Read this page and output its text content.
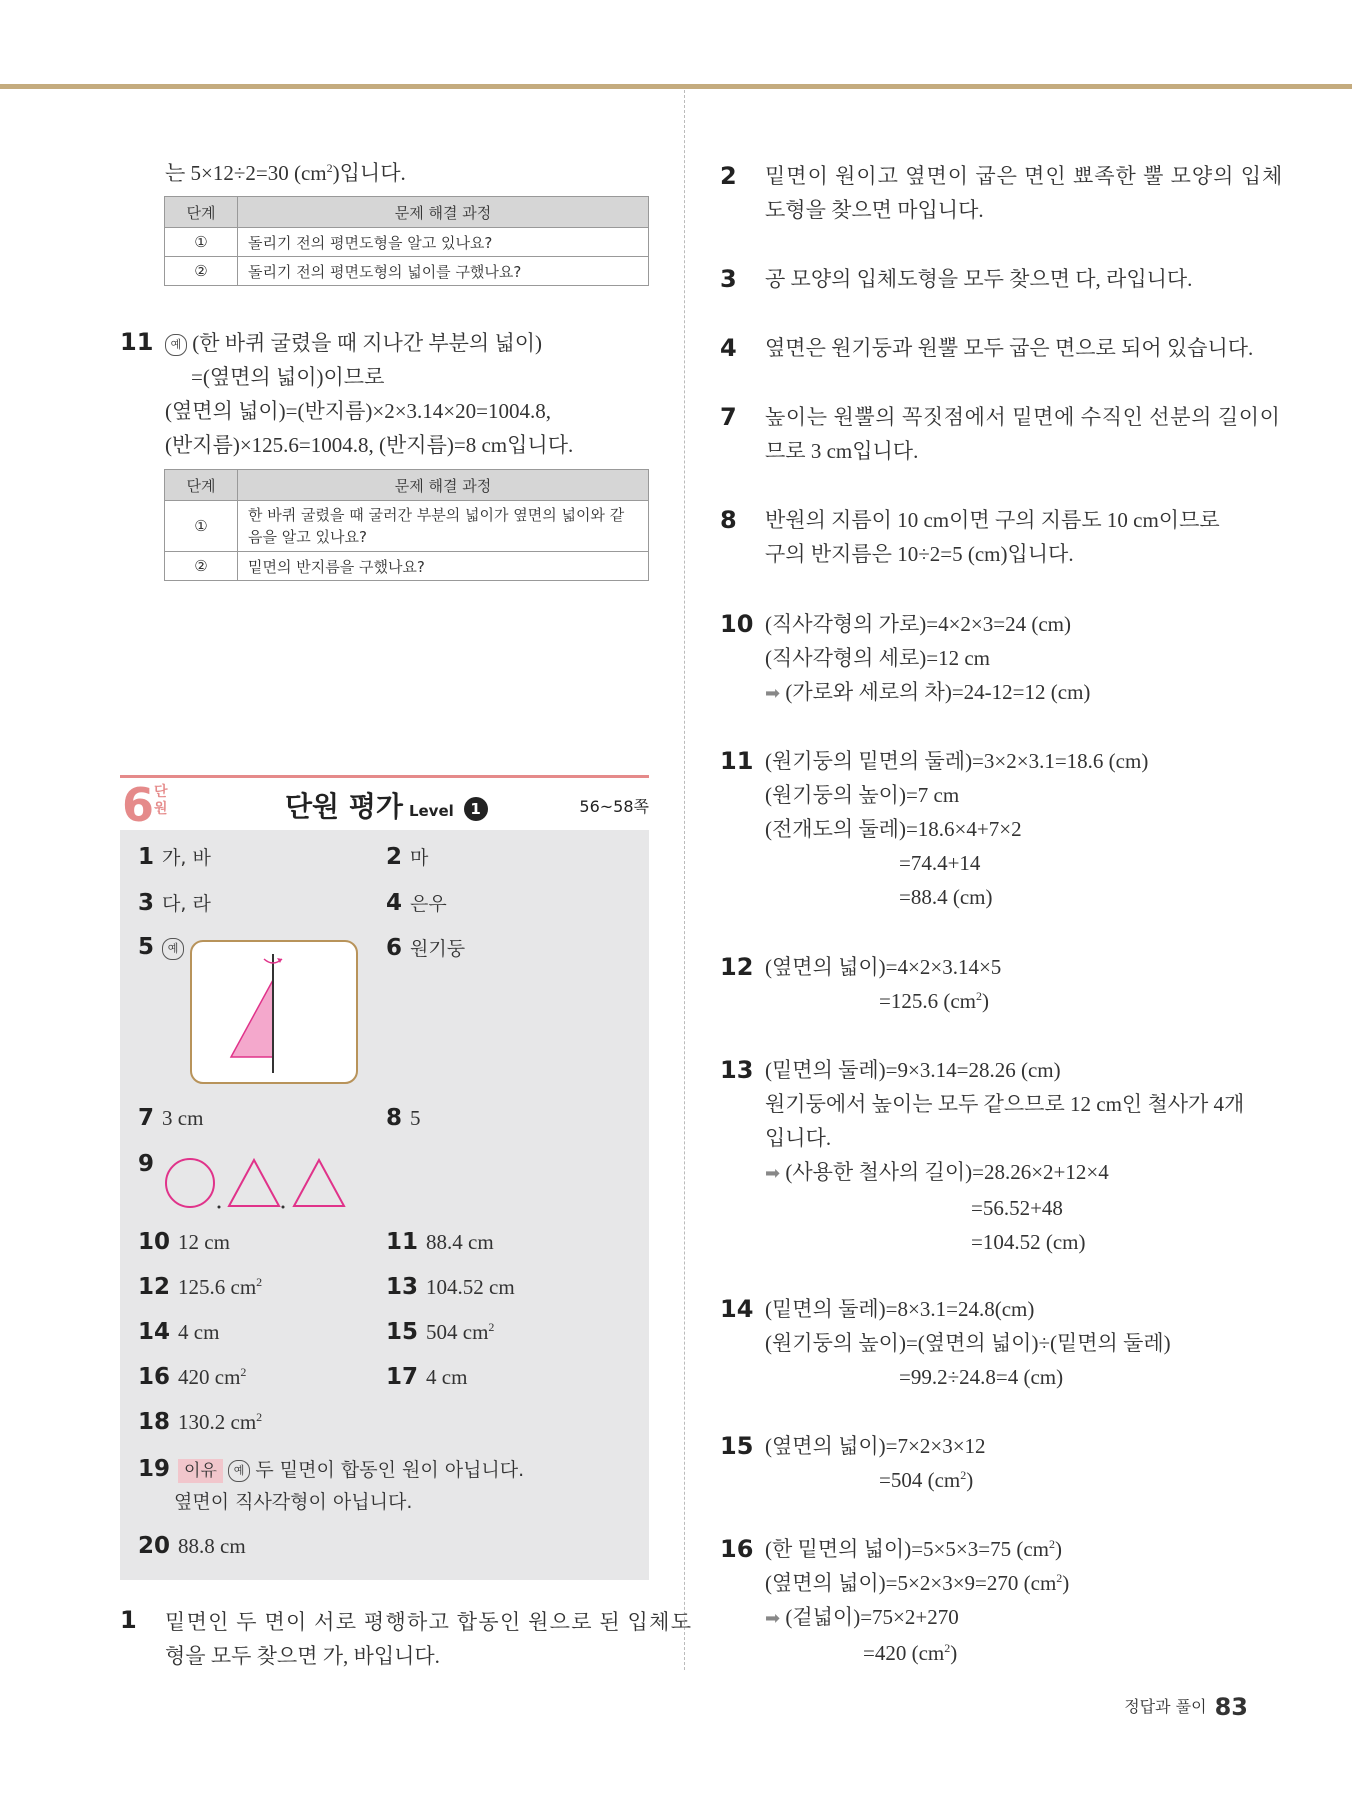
는 5×12÷2=30 $(cm^2)$입니다.
단계	문제 해결 과정
①	돌리기 전의 평면도형을 알고 있나요?
②	돌리기 전의 평면도형의 넓이를 구했나요?
11	예 (한 바퀴 굴렸을 때 지나간 부분의 넓이)
=(옆면의 넓이)이므로
(옆면의 넓이)=(반지름)×2×3.14×20=1004.8,
(반지름)×125.6=1004.8, (반지름)=8 cm입니다.
단계	문제 해결 과정
①	한 바퀴 굴렸을 때 굴러간 부분의 넓이가 옆면의 넓이와 같음을 알고 있나요?
②	밑면의 반지름을 구했나요?
6 단원	단원 평가 Level 1	56~58쪽
1 가, 바	2 마
3 다, 라	4 은우
5 예	6 원기둥
7 3 cm	8 5
9
10 12 cm	11 88.4 cm
12 125.6 $cm^2$	13 104.52 cm
14 4 cm	15 504 $cm^2$
16 420 $cm^2$	17 4 cm
18 130.2 $cm^2$
19 이유 예 두 밑면이 합동인 원이 아닙니다.
옆면이 직사각형이 아닙니다.
20 88.8 cm
1 밑면인 두 면이 서로 평행하고 합동인 원으로 된 입체도
형을 모두 찾으면 가, 바입니다.
2 밑면이 원이고 옆면이 굽은 면인 뾰족한 뿔 모양의 입체
도형을 찾으면 마입니다.
3 공 모양의 입체도형을 모두 찾으면 다, 라입니다.
4 옆면은 원기둥과 원뿔 모두 굽은 면으로 되어 있습니다.
7 높이는 원뿔의 꼭짓점에서 밑면에 수직인 선분의 길이이
므로 3 cm입니다.
8 반원의 지름이 10 cm이면 구의 지름도 10 cm이므로
구의 반지름은 10÷2=5 (cm)입니다.
10 (직사각형의 가로)=4×2×3=24 (cm)
(직사각형의 세로)=12 cm
➡ (가로와 세로의 차)=24-12=12 (cm)
11 (원기둥의 밑면의 둘레)=3×2×3.1=18.6 (cm)
(원기둥의 높이)=7 cm
(전개도의 둘레)=18.6×4+7×2
=74.4+14
=88.4 (cm)
12 (옆면의 넓이)=4×2×3.14×5
=125.6 $(cm^2)$
13 (밑면의 둘레)=9×3.14=28.26 (cm)
원기둥에서 높이는 모두 같으므로 12 cm인 철사가 4개
입니다.
➡ (사용한 철사의 길이)=28.26×2+12×4
=56.52+48
=104.52 (cm)
14 (밑면의 둘레)=8×3.1=24.8(cm)
(원기둥의 높이)=(옆면의 넓이)÷(밑면의 둘레)
=99.2÷24.8=4 (cm)
15 (옆면의 넓이)=7×2×3×12
=504 $(cm^2)$
16 (한 밑면의 넓이)=5×5×3=75 $(cm^2)$
(옆면의 넓이)=5×2×3×9=270 $(cm^2)$
➡ (겉넓이)=75×2+270
=420 $(cm^2)$
정답과 풀이 83
